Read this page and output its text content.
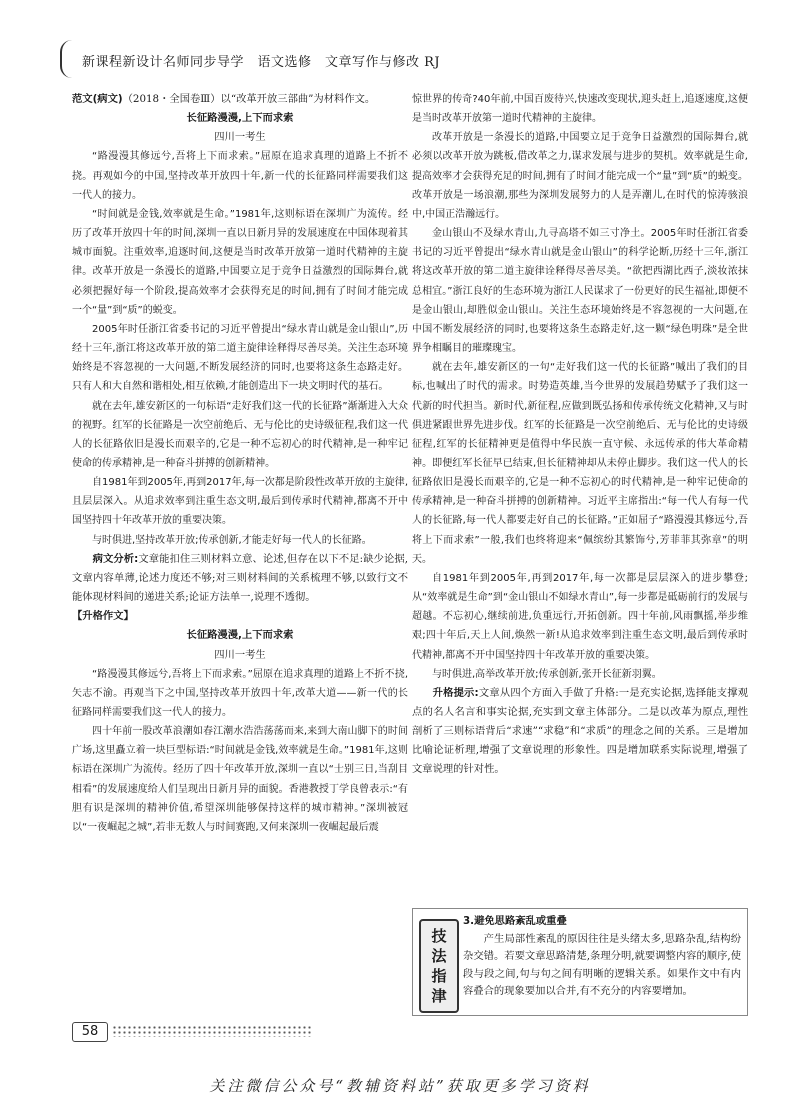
新课程新设计名师同步导学　语文选修　文章写作与修改 RJ

范文(病文)（2018・全国卷Ⅲ）以“改革开放三部曲”为材料作文。

长征路漫漫,上下而求索

四川一考生

“路漫漫其修远兮,吾将上下而求索。”屈原在追求真理的道路上不折不挠。再观如今的中国,坚持改革开放四十年,新一代的长征路同样需要我们这一代人的接力。

“时间就是金钱,效率就是生命。”1981年,这则标语在深圳广为流传。经历了改革开放四十年的时间,深圳一直以日新月异的发展速度在中国体现着其城市面貌。注重效率,追逐时间,这便是当时改革开放第一道时代精神的主旋律。改革开放是一条漫长的道路,中国要立足于竞争日益激烈的国际舞台,就必须把握好每一个阶段,提高效率才会获得充足的时间,拥有了时间才能完成一个“量”到“质”的蜕变。

2005年时任浙江省委书记的习近平曾提出“绿水青山就是金山银山”,历经十三年,浙江将这改革开放的第二道主旋律诠释得尽善尽美。关注生态环境始终是不容忽视的一大问题,不断发展经济的同时,也要将这条生态路走好。只有人和大自然和谐相处,相互依赖,才能创造出下一块文明时代的基石。

就在去年,雄安新区的一句标语“走好我们这一代的长征路”渐渐进入大众的视野。红军的长征路是一次空前绝后、无与伦比的史诗级征程,我们这一代人的长征路依旧是漫长而艰辛的,它是一种不忘初心的时代精神,是一种牢记使命的传承精神,是一种奋斗拼搏的创新精神。

自1981年到2005年,再到2017年,每一次都是阶段性改革开放的主旋律,且层层深入。从追求效率到注重生态文明,最后到传承时代精神,都离不开中国坚持四十年改革开放的重要决策。

与时俱进,坚持改革开放;传承创新,才能走好每一代人的长征路。

病文分析:文章能扣住三则材料立意、论述,但存在以下不足:缺少论据,文章内容单薄,论述力度还不够;对三则材料间的关系梳理不够,以致行文不能体现材料间的递进关系;论证方法单一,说理不透彻。

【升格作文】

长征路漫漫,上下而求索

四川一考生

“路漫漫其修远兮,吾将上下而求索。”屈原在追求真理的道路上不折不挠,矢志不渝。再观当下之中国,坚持改革开放四十年,改革大道——新一代的长征路同样需要我们这一代人的接力。

四十年前一股改革浪潮如春江潮水浩浩荡荡而来,来到大南山脚下的时间广场,这里矗立着一块巨型标语:“时间就是金钱,效率就是生命。”1981年,这则标语在深圳广为流传。经历了四十年改革开放,深圳一直以“士别三日,当刮目相看”的发展速度给人们呈现出日新月异的面貌。香港教授丁学良曾表示:“有胆有识是深圳的精神价值,希望深圳能够保持这样的城市精神。”深圳被冠以“一夜崛起之城”,若非无数人与时间赛跑,又何来深圳一夜崛起最后震

惊世界的传奇?40年前,中国百废待兴,快速改变现状,迎头赶上,追逐速度,这便是当时改革开放第一道时代精神的主旋律。

改革开放是一条漫长的道路,中国要立足于竞争日益激烈的国际舞台,就必须以改革开放为跳板,借改革之力,谋求发展与进步的契机。效率就是生命,提高效率才会获得充足的时间,拥有了时间才能完成一个“量”到“质”的蜕变。改革开放是一场浪潮,那些为深圳发展努力的人是弄潮儿,在时代的惊涛骇浪中,中国正浩瀚远行。

金山银山不及绿水青山,九寻高塔不如三寸净土。2005年时任浙江省委书记的习近平曾提出“绿水青山就是金山银山”的科学论断,历经十三年,浙江将这改革开放的第二道主旋律诠释得尽善尽美。“欲把西湖比西子,淡妆浓抹总相宜。”浙江良好的生态环境为浙江人民谋求了一份更好的民生福祉,即便不是金山银山,却胜似金山银山。关注生态环境始终是不容忽视的一大问题,在中国不断发展经济的同时,也要将这条生态路走好,这一颗“绿色明珠”是全世界争相瞩目的璀璨瑰宝。

就在去年,雄安新区的一句“走好我们这一代的长征路”喊出了我们的目标,也喊出了时代的需求。时势造英雄,当今世界的发展趋势赋予了我们这一代新的时代担当。新时代,新征程,应做到既弘扬和传承传统文化精神,又与时俱进紧跟世界先进步伐。红军的长征路是一次空前绝后、无与伦比的史诗级征程,红军的长征精神更是值得中华民族一直守候、永远传承的伟大革命精神。即便红军长征早已结束,但长征精神却从未停止脚步。我们这一代人的长征路依旧是漫长而艰辛的,它是一种不忘初心的时代精神,是一种牢记使命的传承精神,是一种奋斗拼搏的创新精神。习近平主席指出:“每一代人有每一代人的长征路,每一代人都要走好自己的长征路。”正如屈子“路漫漫其修远兮,吾将上下而求索”一般,我们也终将迎来“佩缤纷其繁饰兮,芳菲菲其弥章”的明天。

自1981年到2005年,再到2017年,每一次都是层层深入的进步攀登;从“效率就是生命”到“金山银山不如绿水青山”,每一步都是砥砺前行的发展与超越。不忘初心,继续前进,负重远行,开拓创新。四十年前,风雨飘摇,举步维艰;四十年后,天上人间,焕然一新!从追求效率到注重生态文明,最后到传承时代精神,都离不开中国坚持四十年改革开放的重要决策。

与时俱进,高举改革开放;传承创新,张开长征新羽翼。

升格提示:文章从四个方面入手做了升格:一是充实论据,选择能支撑观点的名人名言和事实论据,充实到文章主体部分。二是以改革为原点,理性剖析了三则标语背后“求速”“求稳”和“求质”的理念之间的关系。三是增加比喻论证析理,增强了文章说理的形象性。四是增加联系实际说理,增强了文章说理的针对性。

技
法
指
津
3.避免思路紊乱或重叠

产生局部性紊乱的原因往往是头绪太多,思路杂乱,结构纷杂交错。若要文章思路清楚,条理分明,就要调整内容的顺序,使段与段之间,句与句之间有明晰的逻辑关系。如果作文中有内容叠合的现象要加以合并,有不充分的内容要增加。

58
关注微信公众号“教辅资料站”获取更多学习资料
